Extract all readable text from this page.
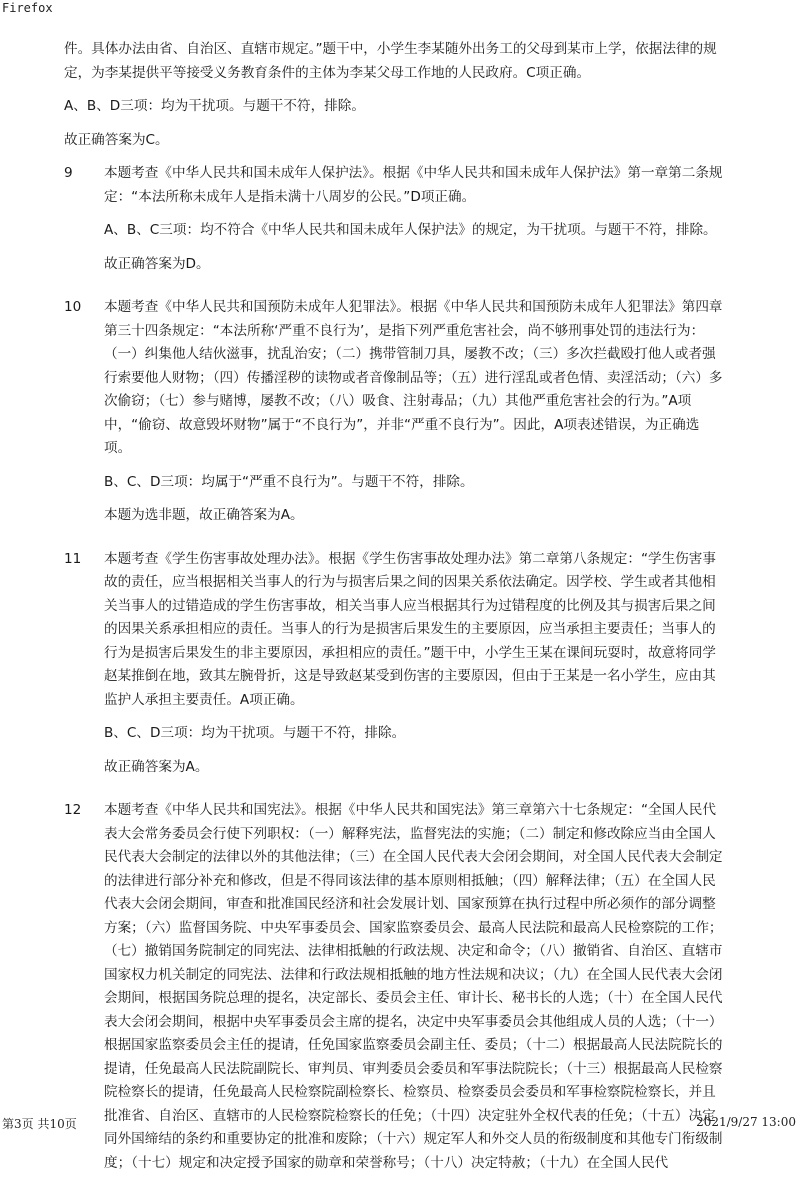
Firefox

件。具体办法由省、自治区、直辖市规定。”题干中，小学生李某随外出务工的父母到某市上学，依据法律的规定，为李某提供平等接受义务教育条件的主体为李某父母工作地的人民政府。C项正确。

A、B、D三项：均为干扰项。与题干不符，排除。

故正确答案为C。

9	本题考查《中华人民共和国未成年人保护法》。根据《中华人民共和国未成年人保护法》第一章第二条规定：“本法所称未成年人是指未满十八周岁的公民。”D项正确。

A、B、C三项：均不符合《中华人民共和国未成年人保护法》的规定，为干扰项。与题干不符，排除。

故正确答案为D。

10	本题考查《中华人民共和国预防未成年人犯罪法》。根据《中华人民共和国预防未成年人犯罪法》第四章第三十四条规定：“本法所称‘严重不良行为’，是指下列严重危害社会，尚不够刑事处罚的违法行为：（一）纠集他人结伙滋事，扰乱治安；（二）携带管制刀具，屡教不改；（三）多次拦截殴打他人或者强行索要他人财物；（四）传播淫秽的读物或者音像制品等；（五）进行淫乱或者色情、卖淫活动；（六）多次偷窃；（七）参与赌博，屡教不改；（八）吸食、注射毒品；（九）其他严重危害社会的行为。”A项中，“偷窃、故意毁坏财物”属于“不良行为”，并非“严重不良行为”。因此，A项表述错误，为正确选项。

B、C、D三项：均属于“严重不良行为”。与题干不符，排除。

本题为选非题，故正确答案为A。

11	本题考查《学生伤害事故处理办法》。根据《学生伤害事故处理办法》第二章第八条规定：“学生伤害事故的责任，应当根据相关当事人的行为与损害后果之间的因果关系依法确定。因学校、学生或者其他相关当事人的过错造成的学生伤害事故，相关当事人应当根据其行为过错程度的比例及其与损害后果之间的因果关系承担相应的责任。当事人的行为是损害后果发生的主要原因，应当承担主要责任；当事人的行为是损害后果发生的非主要原因，承担相应的责任。”题干中，小学生王某在课间玩耍时，故意将同学赵某推倒在地，致其左腕骨折，这是导致赵某受到伤害的主要原因，但由于王某是一名小学生，应由其监护人承担主要责任。A项正确。

B、C、D三项：均为干扰项。与题干不符，排除。

故正确答案为A。

12	本题考查《中华人民共和国宪法》。根据《中华人民共和国宪法》第三章第六十七条规定：“全国人民代表大会常务委员会行使下列职权：（一）解释宪法，监督宪法的实施；（二）制定和修改除应当由全国人民代表大会制定的法律以外的其他法律；（三）在全国人民代表大会闭会期间，对全国人民代表大会制定的法律进行部分补充和修改，但是不得同该法律的基本原则相抵触；（四）解释法律；（五）在全国人民代表大会闭会期间，审查和批准国民经济和社会发展计划、国家预算在执行过程中所必须作的部分调整方案；（六）监督国务院、中央军事委员会、国家监察委员会、最高人民法院和最高人民检察院的工作；（七）撤销国务院制定的同宪法、法律相抵触的行政法规、决定和命令；（八）撤销省、自治区、直辖市国家权力机关制定的同宪法、法律和行政法规相抵触的地方性法规和决议；（九）在全国人民代表大会闭会期间，根据国务院总理的提名，决定部长、委员会主任、审计长、秘书长的人选；（十）在全国人民代表大会闭会期间，根据中央军事委员会主席的提名，决定中央军事委员会其他组成人员的人选；（十一）根据国家监察委员会主任的提请，任免国家监察委员会副主任、委员；（十二）根据最高人民法院院长的提请，任免最高人民法院副院长、审判员、审判委员会委员和军事法院院长；（十三）根据最高人民检察院检察长的提请，任免最高人民检察院副检察长、检察员、检察委员会委员和军事检察院检察长，并且批准省、自治区、直辖市的人民检察院检察长的任免；（十四）决定驻外全权代表的任免；（十五）决定同外国缔结的条约和重要协定的批准和废除；（十六）规定军人和外交人员的衔级制度和其他专门衔级制度；（十七）规定和决定授予国家的勋章和荣誉称号；（十八）决定特赦；（十九）在全国人民代

第3页 共10页	2021/9/27 13:00
